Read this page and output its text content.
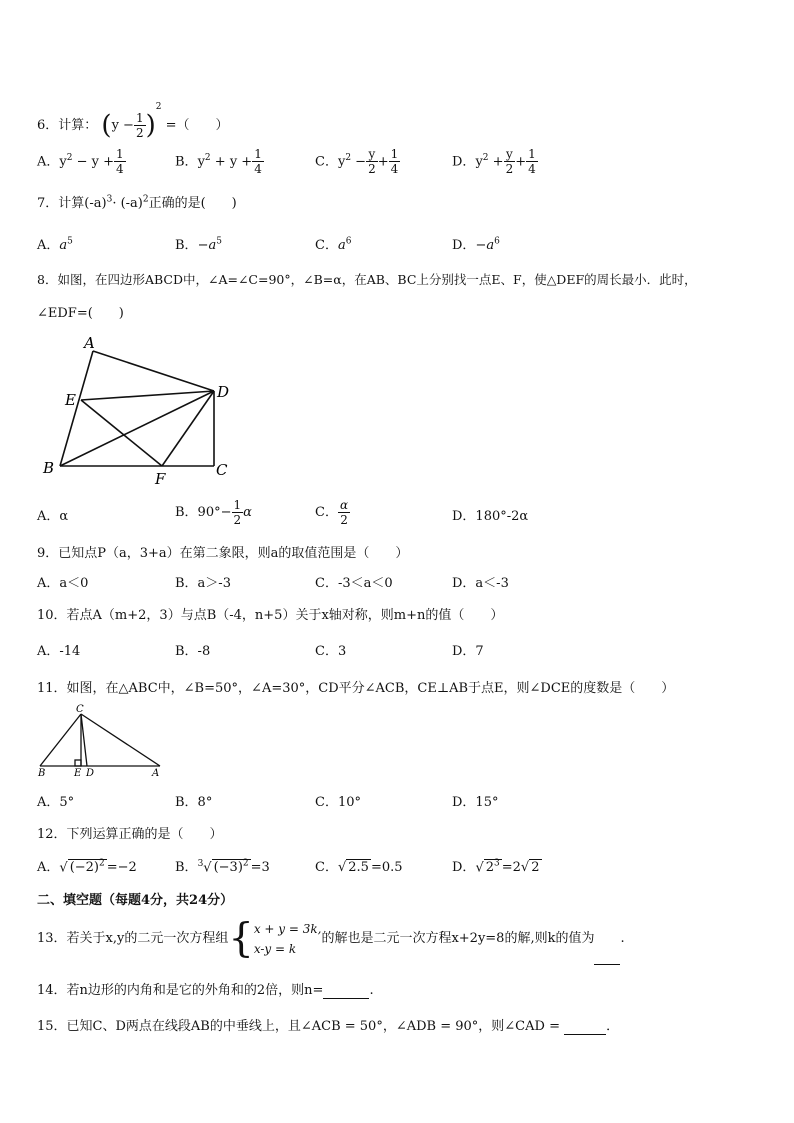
6．计算： $(y - \frac{1}{2} )^2$ =（　　）
A．$y^2 - y + \frac{1}{4}$	B．$y^2 + y + \frac{1}{4}$	C．$y^2 - \frac{y}{2} + \frac{1}{4}$	D．$y^2 + \frac{y}{2} + \frac{1}{4}$
7．计算$(-a)^3\cdot (-a)^2$正确的是(　　)
A．$a^5$	B．$-a^5$	C．$a^6$	D．$-a^6$
8．如图，在四边形ABCD中，∠A=∠C=90°，∠B=α，在AB、BC上分别找一点E、F，使△DEF的周长最小．此时，
∠EDF=(　　)
A
E	D
B
F	C
A．α	B．$90^\circ- \frac{1}{2}$ α	C． $\frac{\alpha}{2}$	D．180°-2α
9．已知点P（a，3+a）在第二象限，则a的取值范围是（　　）
A．a＜0	B．a＞-3	C．-3＜a＜0	D．a＜-3
10．若点A（m+2，3）与点B（-4，n+5）关于x轴对称，则m+n的值（　　）
A．-14	B．-8	C．3	D．7
11．如图，在△ABC中，∠B=50°，∠A=30°，CD平分∠ACB，CE⊥AB于点E，则∠DCE的度数是（　　）
C
B	E D	A
A．5°	B．8°	C．10°	D．15°
12．下列运算正确的是（　　）
A．√ $(-2)^2 =-2$	B．$^3$√ $(-3)^2 =3$	C．√ 2.5 =0.5	D．√ $2^3 =2√$ 2
二、填空题（每题4分，共24分）
13．若关于x,y的二元一次方程组{ x + y = 3k,
x-y = k
的解也是二元一次方程x+2y=8的解,则k的值为 .
14．若n边形的内角和是它的外角和的2倍，则n=	.
15．已知C、D两点在线段AB的中垂线上，且∠ACB = 50°，∠ADB = 90°，则∠CAD =	．
